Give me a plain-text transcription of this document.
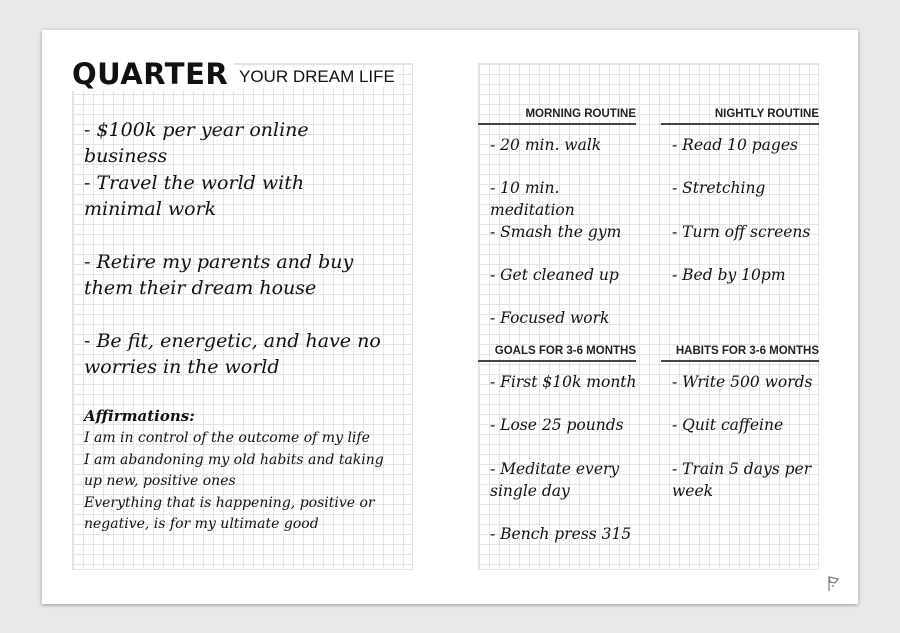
QUARTER YOUR DREAM LIFE
- $100k per year online business
- Travel the world with minimal work
- Retire my parents and buy them their dream house
- Be fit, energetic, and have no worries in the world
Affirmations:
I am in control of the outcome of my life
I am abandoning my old habits and taking up new, positive ones
Everything that is happening, positive or negative, is for my ultimate good
MORNING ROUTINE	NIGHTLY ROUTINE
- 20 min. walk
- 10 min. meditation
- Smash the gym
- Get cleaned up
- Focused work
- Read 10 pages
- Stretching
- Turn off screens
- Bed by 10pm
GOALS FOR 3-6 MONTHS	HABITS FOR 3-6 MONTHS
- First $10k month
- Lose 25 pounds
- Meditate every single day
- Bench press 315
- Write 500 words
- Quit caffeine
- Train 5 days per week
